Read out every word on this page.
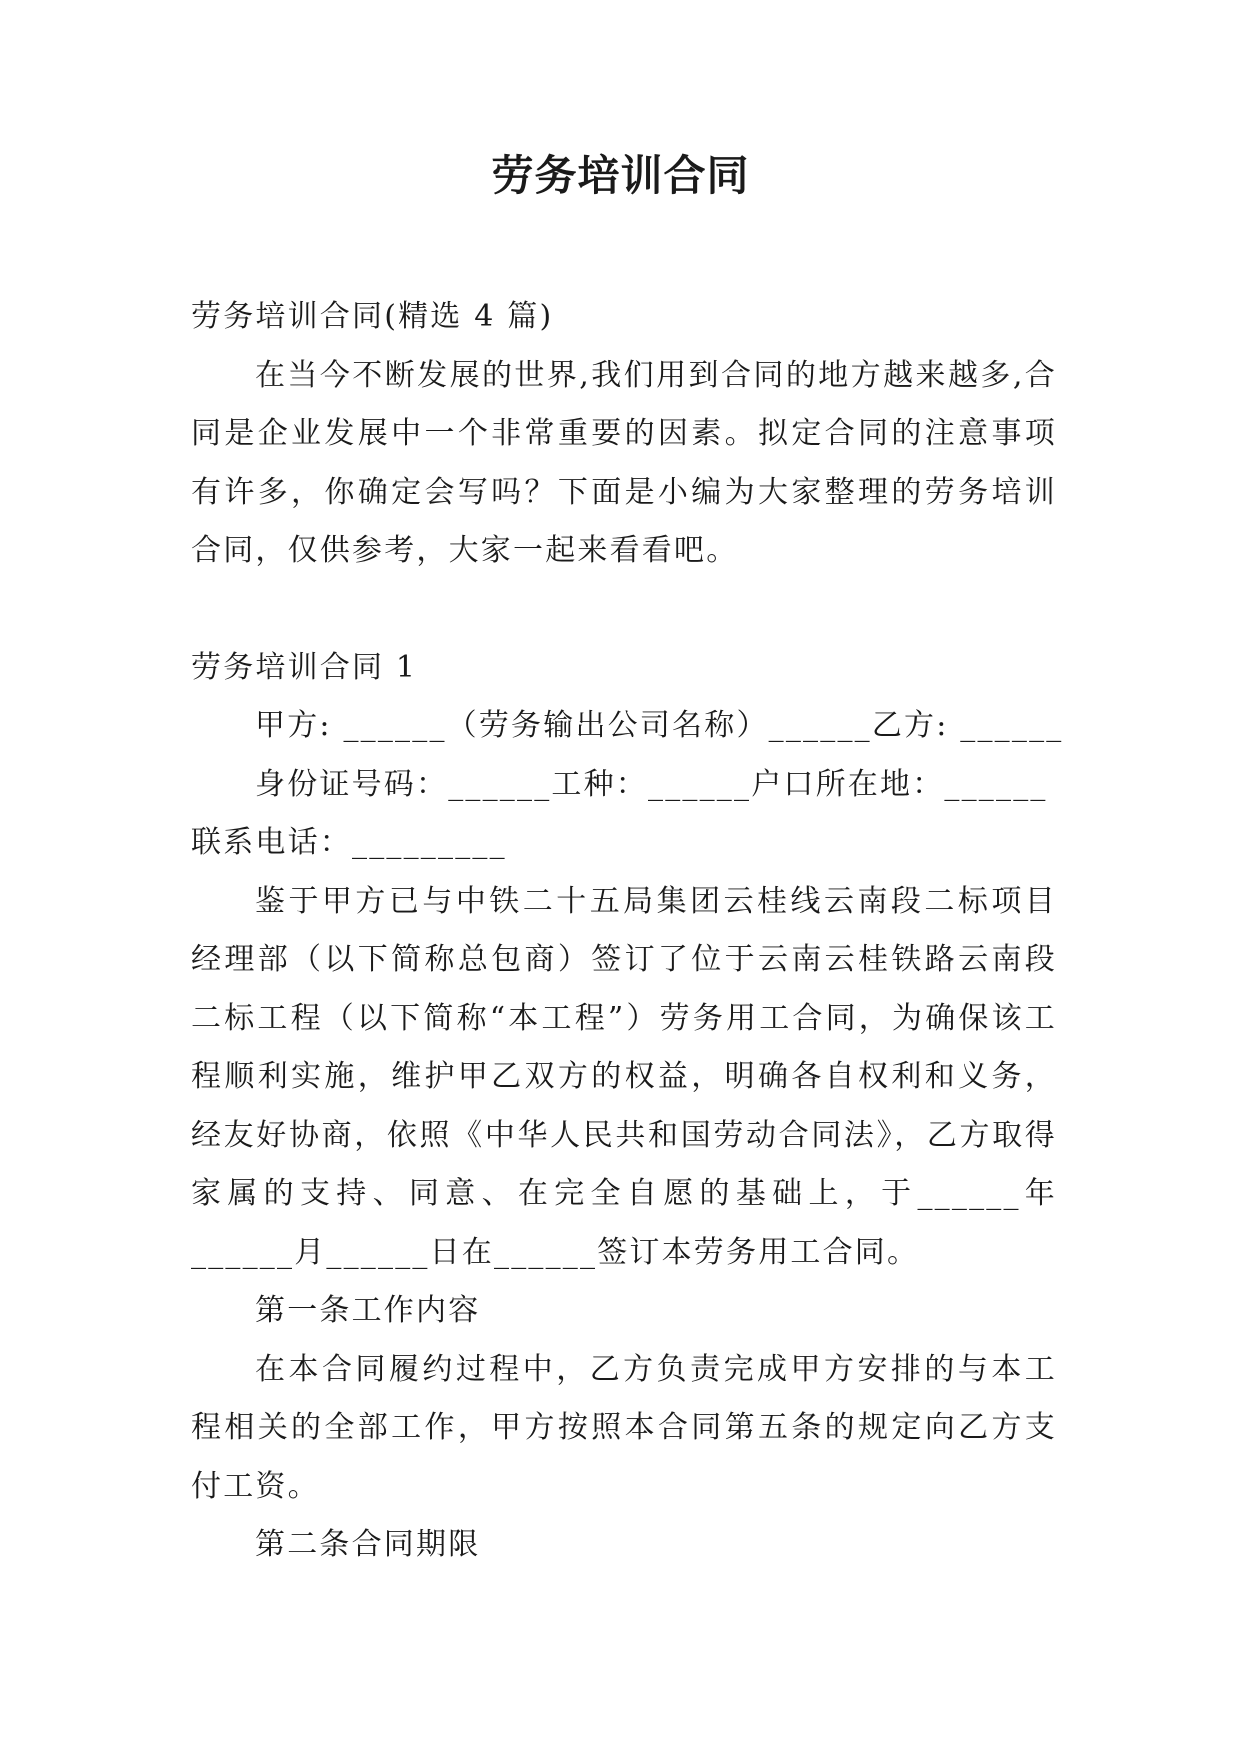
劳务培训合同

劳务培训合同(精选 4 篇)

在当今不断发展的世界,我们用到合同的地方越来越多,合同是企业发展中一个非常重要的因素。拟定合同的注意事项有许多，你确定会写吗？下面是小编为大家整理的劳务培训合同，仅供参考，大家一起来看看吧。

劳务培训合同 1

甲方: ______（劳务输出公司名称）______乙方: ______

身份证号码：______工种：______户口所在地：______

联系电话：_________

鉴于甲方已与中铁二十五局集团云桂线云南段二标项目经理部（以下简称总包商）签订了位于云南云桂铁路云南段二标工程（以下简称“本工程”）劳务用工合同，为确保该工程顺利实施，维护甲乙双方的权益，明确各自权利和义务，经友好协商，依照《中华人民共和国劳动合同法》，乙方取得家属的支持、同意、在完全自愿的基础上，于______年______月______日在______签订本劳务用工合同。

第一条工作内容

在本合同履约过程中，乙方负责完成甲方安排的与本工程相关的全部工作，甲方按照本合同第五条的规定向乙方支付工资。

第二条合同期限
